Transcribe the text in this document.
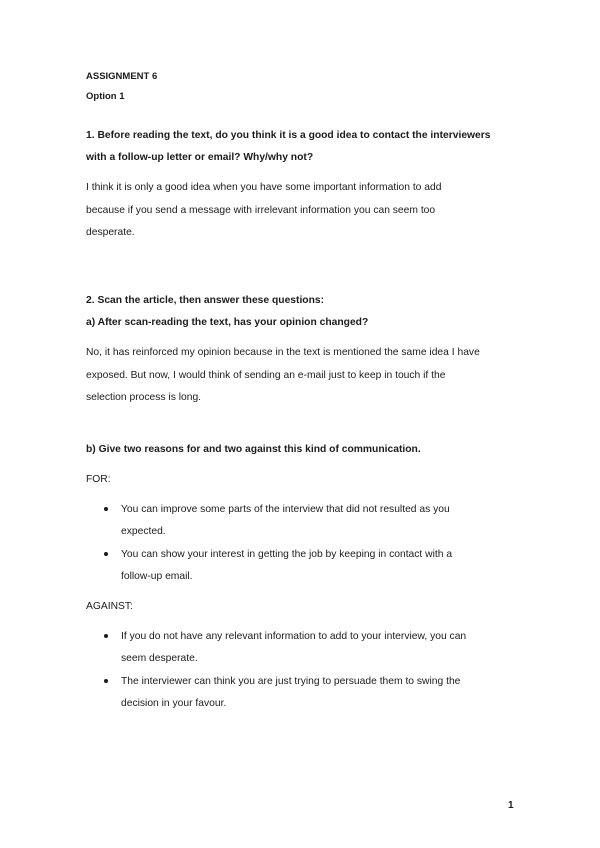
ASSIGNMENT 6
Option 1
1. Before reading the text, do you think it is a good idea to contact the interviewers
with a follow-up letter or email? Why/why not?
I think it is only a good idea when you have some important information to add
because if you send a message with irrelevant information you can seem too
desperate.
2. Scan the article, then answer these questions:
a) After scan-reading the text, has your opinion changed?
No, it has reinforced my opinion because in the text is mentioned the same idea I have
exposed. But now, I would think of sending an e-mail just to keep in touch if the
selection process is long.
b) Give two reasons for and two against this kind of communication.
FOR:
You can improve some parts of the interview that did not resulted as you
expected.
You can show your interest in getting the job by keeping in contact with a
follow-up email.
AGAINST:
If you do not have any relevant information to add to your interview, you can
seem desperate.
The interviewer can think you are just trying to persuade them to swing the
decision in your favour.
1
